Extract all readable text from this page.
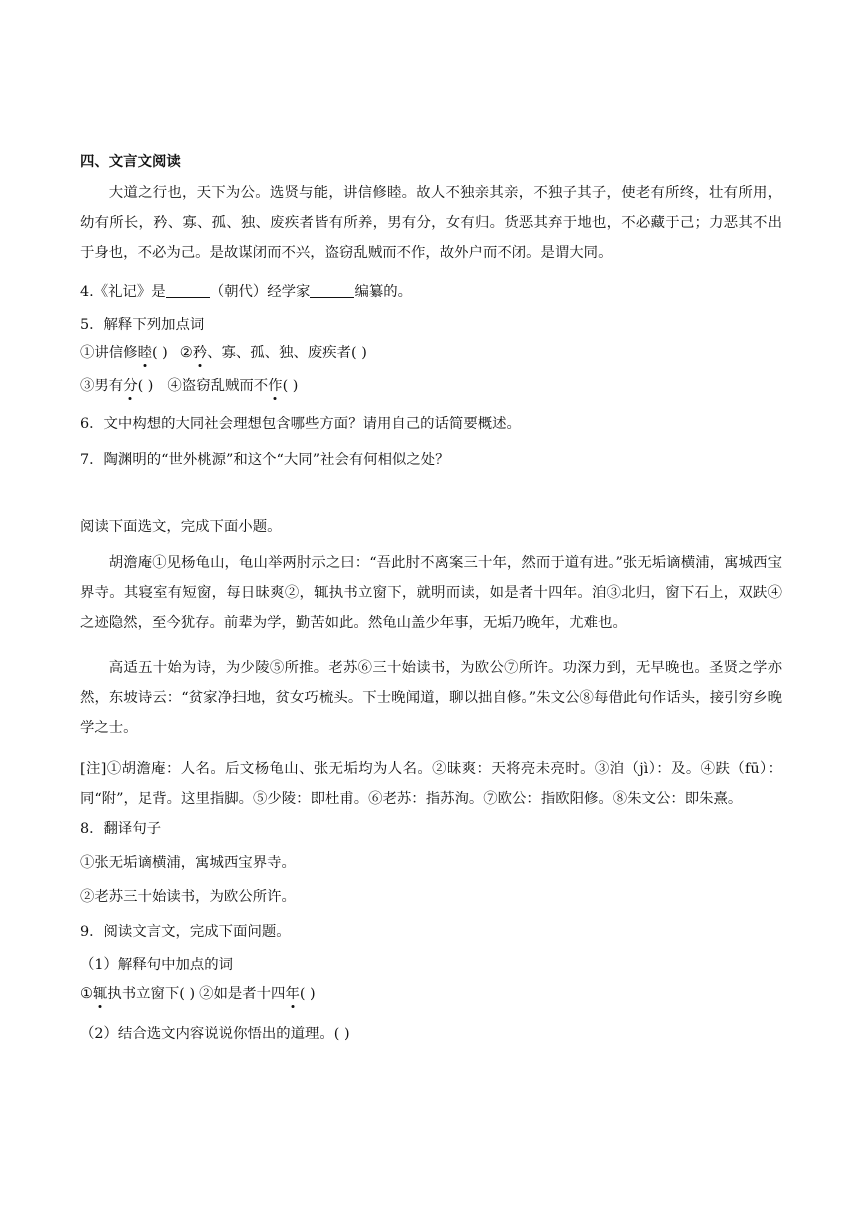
四、文言文阅读
大道之行也，天下为公。选贤与能，讲信修睦。故人不独亲其亲，不独子其子，使老有所终，壮有所用，幼有所长，矜、寡、孤、独、废疾者皆有所养，男有分，女有归。货恶其弃于地也，不必藏于己；力恶其不出于身也，不必为己。是故谋闭而不兴，盗窃乱贼而不作，故外户而不闭。是谓大同。
4.《礼记》是	（朝代）经学家	编纂的。
5．解释下列加点词
①讲信修睦( ) ②矜、寡、孤、独、废疾者( )
③男有分( ) ④盗窃乱贼而不作( )
6．文中构想的大同社会理想包含哪些方面？请用自己的话简要概述。
7．陶渊明的“世外桃源”和这个“大同”社会有何相似之处？
阅读下面选文，完成下面小题。
胡澹庵①见杨龟山，龟山举两肘示之曰：“吾此肘不离案三十年，然而于道有进。”张无垢谪横浦，寓城西宝界寺。其寝室有短窗，每日昧爽②，辄执书立窗下，就明而读，如是者十四年。洎③北归，窗下石上，双趺④之迹隐然，至今犹存。前辈为学，勤苦如此。然龟山盖少年事，无垢乃晚年，尤难也。
高适五十始为诗，为少陵⑤所推。老苏⑥三十始读书，为欧公⑦所许。功深力到，无早晚也。圣贤之学亦然，东坡诗云：“贫家净扫地，贫女巧梳头。下士晚闻道，聊以拙自修。”朱文公⑧每借此句作话头，接引穷乡晚学之士。
[注]①胡澹庵：人名。后文杨龟山、张无垢均为人名。②昧爽：天将亮未亮时。③洎（jì）：及。④趺（fū）：同“附”，足背。这里指脚。⑤少陵：即杜甫。⑥老苏：指苏洵。⑦欧公：指欧阳修。⑧朱文公：即朱熹。
8．翻译句子
①张无垢谪横浦，寓城西宝界寺。
②老苏三十始读书，为欧公所许。
9．阅读文言文，完成下面问题。
（1）解释句中加点的词
①辄执书立窗下( ) ②如是者十四年( )
（2）结合选文内容说说你悟出的道理。( )
